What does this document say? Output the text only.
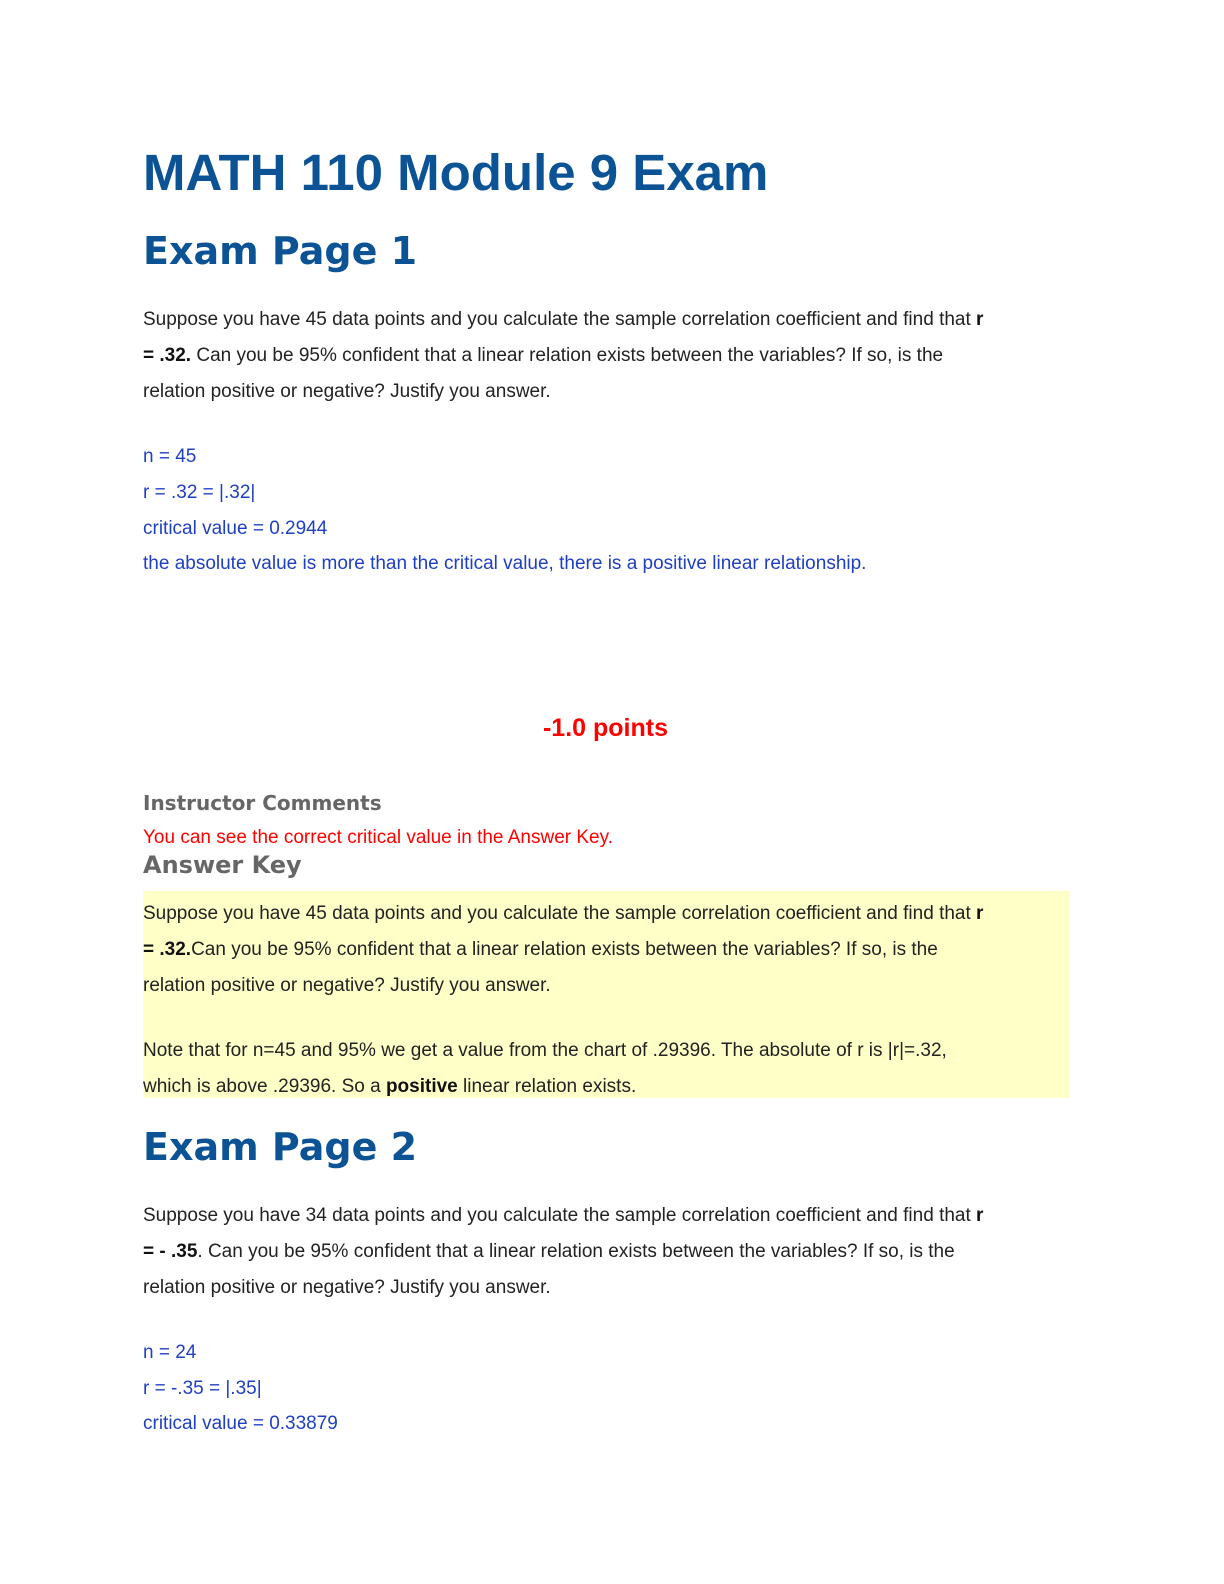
MATH 110 Module 9 Exam
Exam Page 1
Suppose you have 45 data points and you calculate the sample correlation coefficient and find that r
= .32. Can you be 95% confident that a linear relation exists between the variables? If so, is the
relation positive or negative? Justify you answer.

n = 45

r = .32 = |.32|

critical value = 0.2944

the absolute value is more than the critical value, there is a positive linear relationship.

-1.0 points

Instructor Comments

You can see the correct critical value in the Answer Key.

Answer Key
Suppose you have 45 data points and you calculate the sample correlation coefficient and find that r
= .32.Can you be 95% confident that a linear relation exists between the variables? If so, is the
relation positive or negative? Justify you answer.
Note that for n=45 and 95% we get a value from the chart of .29396. The absolute of r is |r|=.32,
which is above .29396. So a positive linear relation exists.
Exam Page 2
Suppose you have 34 data points and you calculate the sample correlation coefficient and find that r
= - .35. Can you be 95% confident that a linear relation exists between the variables? If so, is the
relation positive or negative? Justify you answer.

n = 24

r = -.35 = |.35|

critical value = 0.33879
